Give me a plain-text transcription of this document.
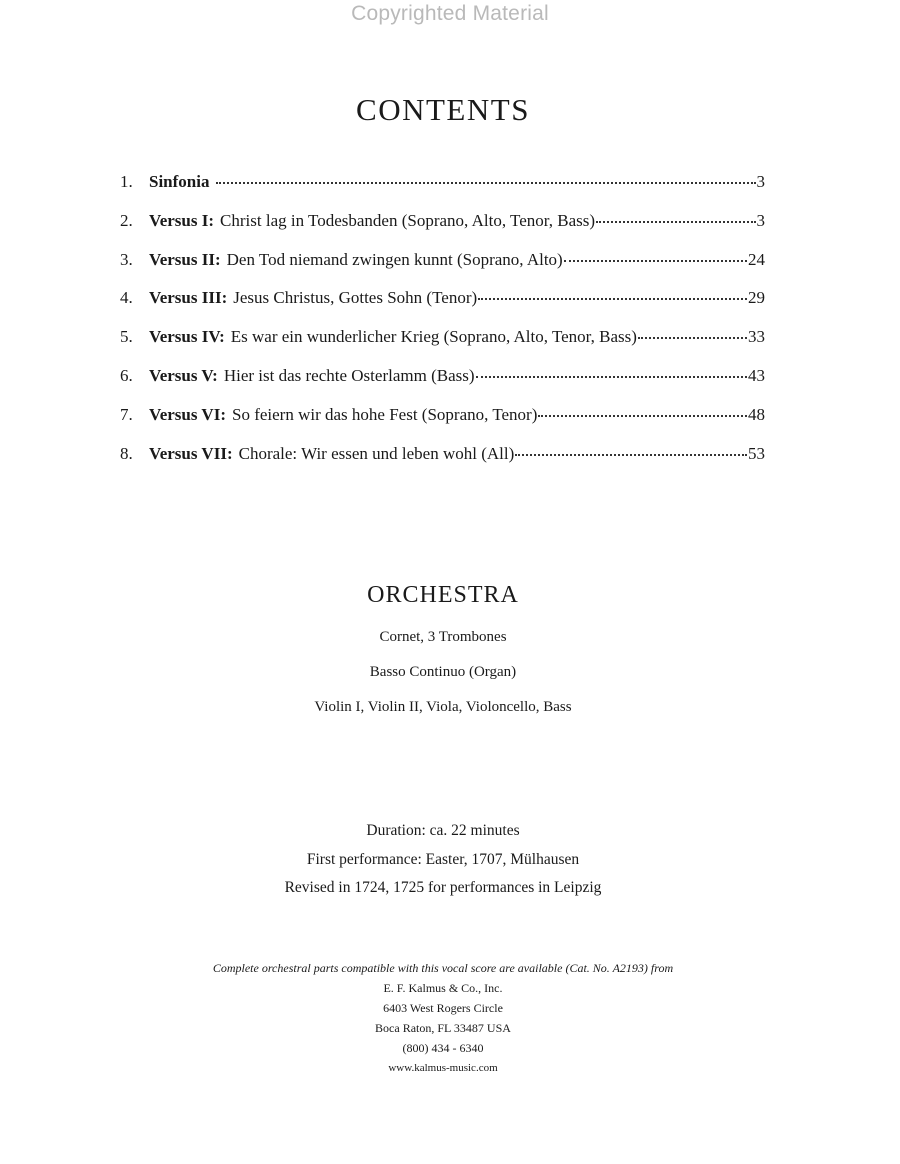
Copyrighted Material
CONTENTS
1. Sinfonia	3
2. Versus I: Christ lag in Todesbanden (Soprano, Alto, Tenor, Bass)	3
3. Versus II: Den Tod niemand zwingen kunnt (Soprano, Alto)	24
4. Versus III: Jesus Christus, Gottes Sohn (Tenor)	29
5. Versus IV: Es war ein wunderlicher Krieg (Soprano, Alto, Tenor, Bass)	33
6. Versus V: Hier ist das rechte Osterlamm (Bass)	43
7. Versus VI: So feiern wir das hohe Fest (Soprano, Tenor)	48
8. Versus VII: Chorale: Wir essen und leben wohl (All)	53
ORCHESTRA
Cornet, 3 Trombones
Basso Continuo (Organ)
Violin I, Violin II, Viola, Violoncello, Bass
Duration: ca. 22 minutes
First performance: Easter, 1707, Mülhausen
Revised in 1724, 1725 for performances in Leipzig
Complete orchestral parts compatible with this vocal score are available (Cat. No. A2193) from
E. F. Kalmus & Co., Inc.
6403 West Rogers Circle
Boca Raton, FL 33487 USA
(800) 434 - 6340
www.kalmus-music.com
